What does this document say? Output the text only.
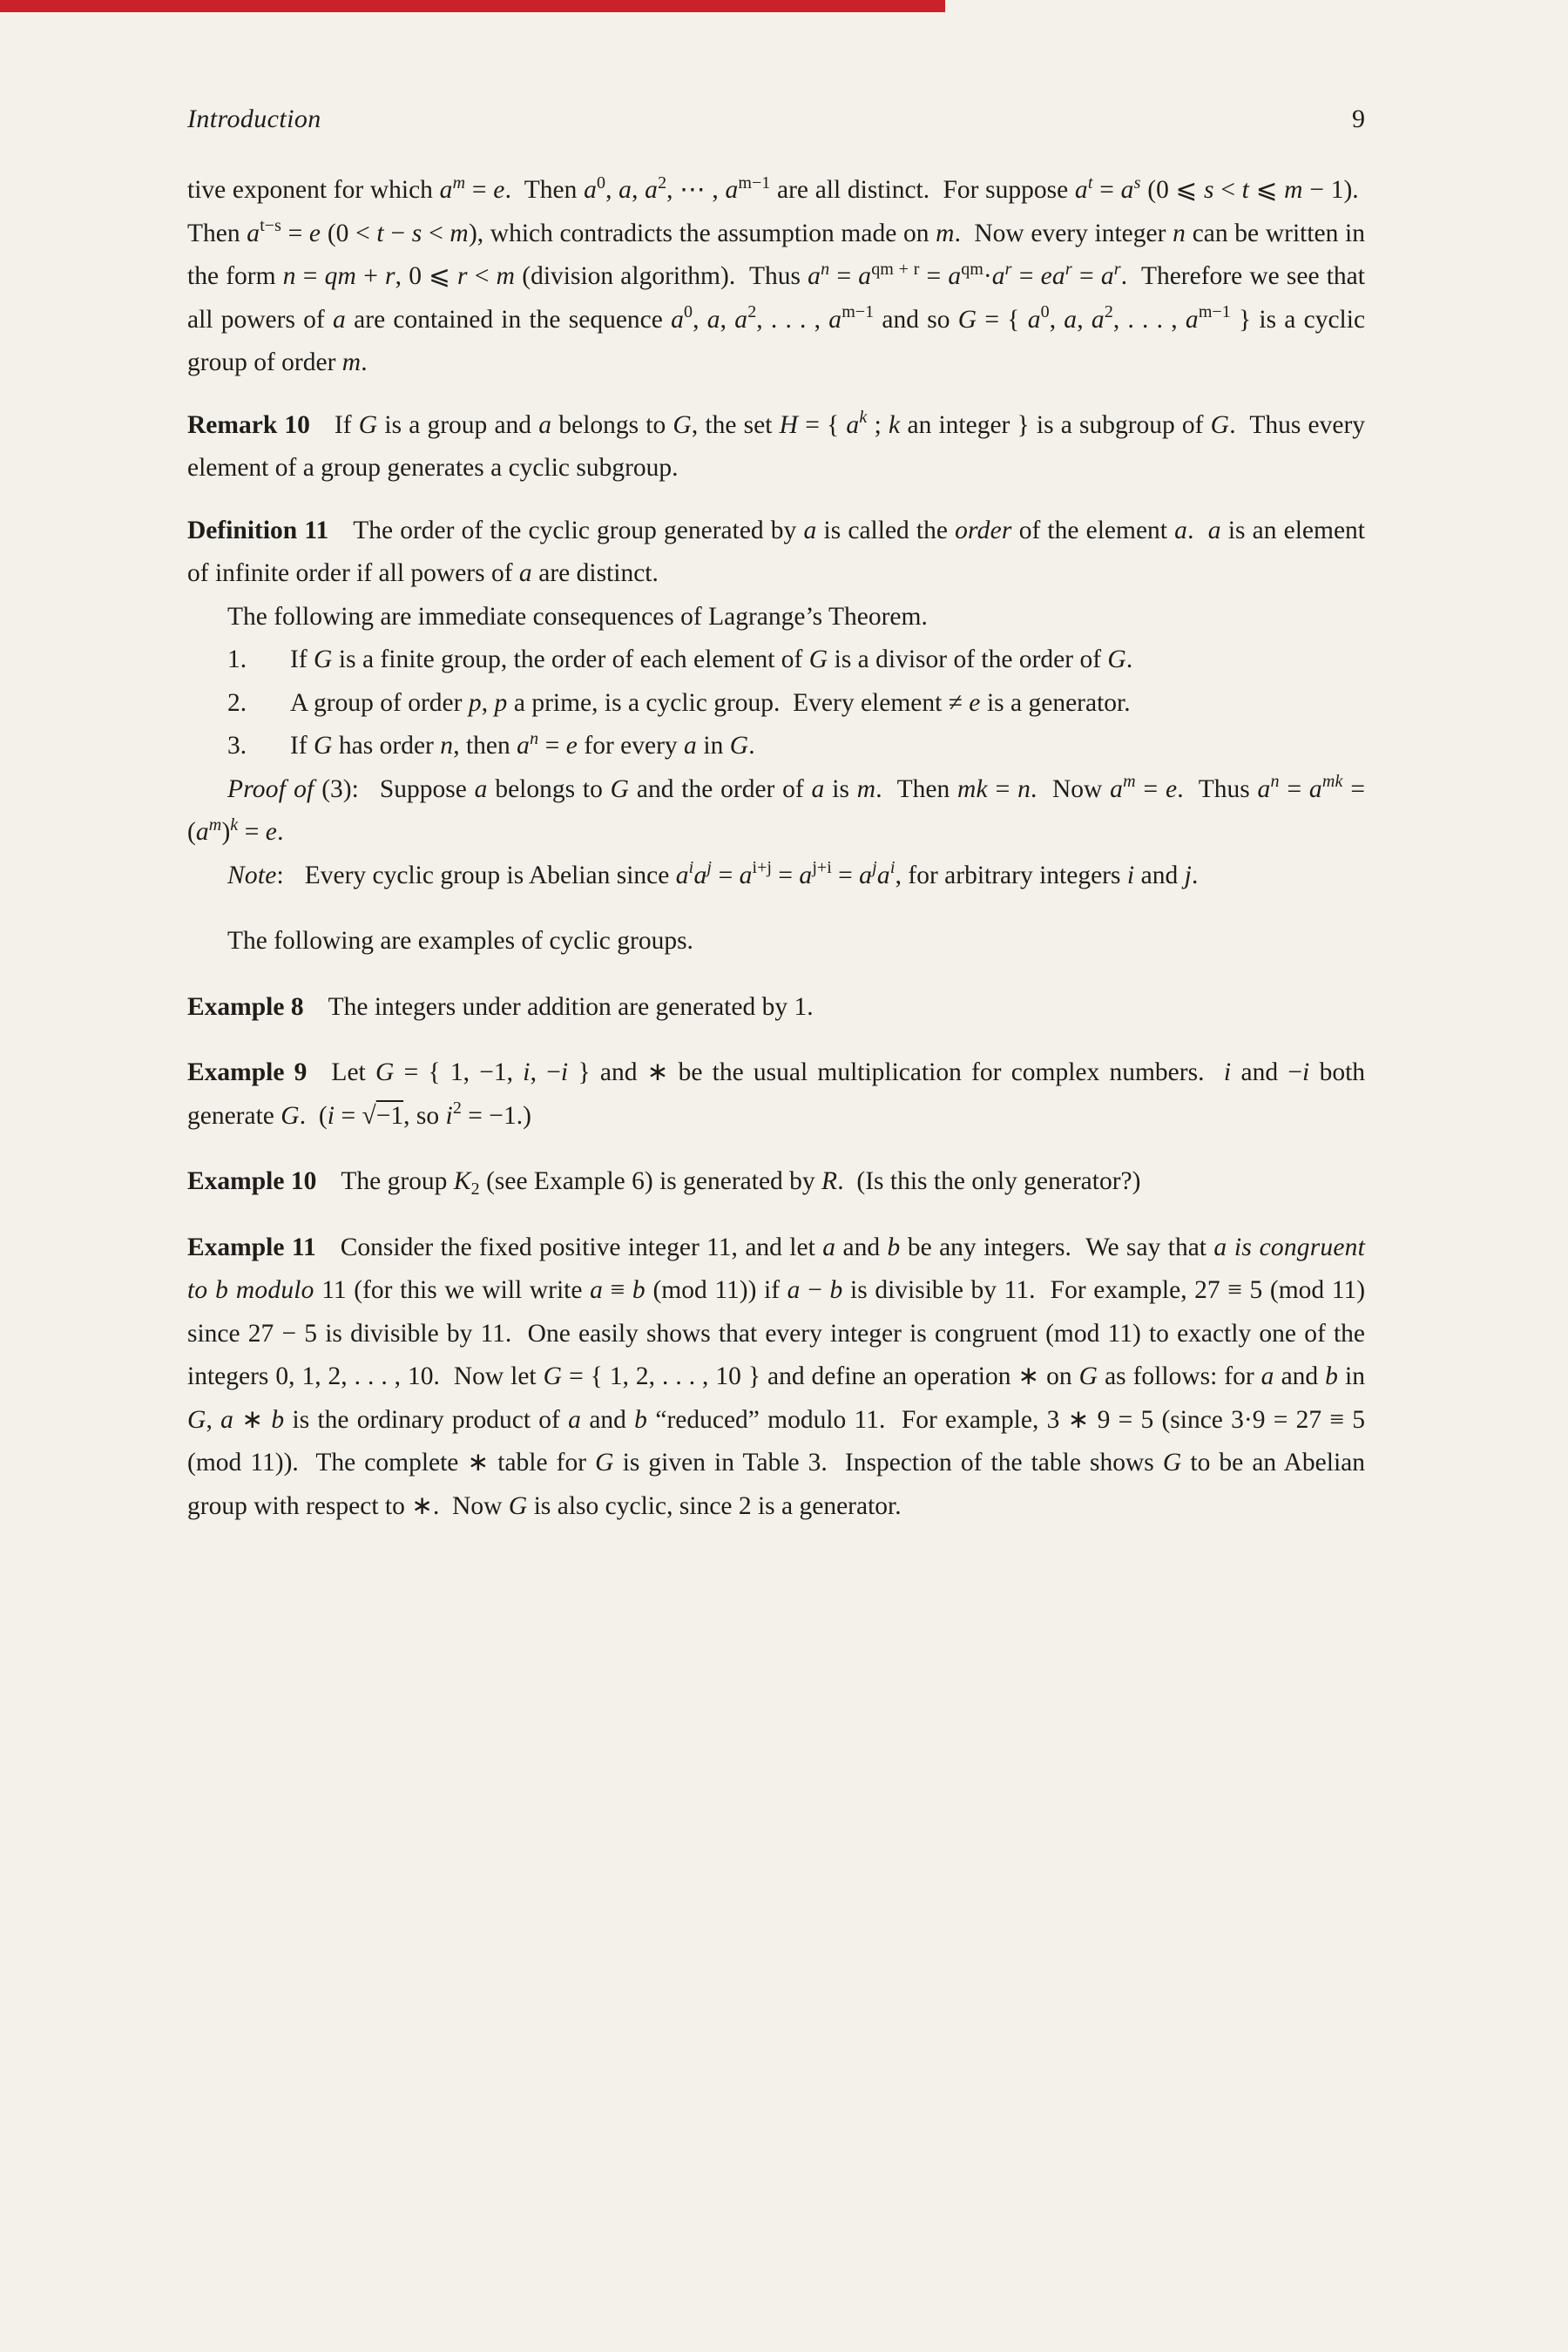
Introduction	9

tive exponent for which $a^m = e$.  Then $a^0$, a, $a^2$, ⋯ , $a^{m-1}$ are all distinct.  For suppose $a^t = a^s$ (0 ⩽ s < t ⩽ m − 1).  Then $a^{t-s} = e$ (0 < t − s < m), which contradicts the assumption made on m.  Now every integer n can be written in the form n = qm + r, 0 ⩽ r < m (division algorithm).  Thus $a^n = a^{qm + r} = a^{qm}\cdot a^r = ea^r = a^r$.  Therefore we see that all powers of a are contained in the sequence $a^0$, a, $a^2$, . . . , $a^{m-1}$ and so G = { $a^0$, a, $a^2$, . . . , $a^{m-1}$ } is a cyclic group of order m.

Remark 10 If G is a group and a belongs to G, the set H = { $a^k$ ; k an integer } is a subgroup of G.  Thus every element of a group generates a cyclic subgroup.

Definition 11 The order of the cyclic group generated by a is called the order of the element a.  a is an element of infinite order if all powers of a are distinct.

The following are immediate consequences of Lagrange’s Theorem.

1. If G is a finite group, the order of each element of G is a divisor of the order of G.

2. A group of order p, p a prime, is a cyclic group.  Every element ≠ e is a generator.

3. If G has order n, then $a^n = e$ for every a in G.

Proof of (3): Suppose a belongs to G and the order of a is m.  Then mk = n.  Now $a^m = e$.  Thus $a^n = a^{mk} = (a^m)^k = e$.

Note: Every cyclic group is Abelian since $a^ia^j = a^{i+j} = a^{j+i} = a^ja^i$, for arbitrary integers i and j.

The following are examples of cyclic groups.

Example 8 The integers under addition are generated by 1.

Example 9 Let G = { 1, −1, i, −i } and ∗ be the usual multiplication for complex numbers.  i and −i both generate G.  (i = √−1, so $i^2 = -1$.)

Example 10 The group $K_2$ (see Example 6) is generated by R.  (Is this the only generator?)

Example 11 Consider the fixed positive integer 11, and let a and b be any integers.  We say that a is congruent to b modulo 11 (for this we will write a ≡ b (mod 11)) if a − b is divisible by 11.  For example, 27 ≡ 5 (mod 11) since 27 − 5 is divisible by 11.  One easily shows that every integer is congruent (mod 11) to exactly one of the integers 0, 1, 2, . . . , 10.  Now let G = { 1, 2, . . . , 10 } and define an operation ∗ on G as follows: for a and b in G, a ∗ b is the ordinary product of a and b “reduced” modulo 11.  For example, 3 ∗ 9 = 5 (since 3·9 = 27 ≡ 5 (mod 11)).  The complete ∗ table for G is given in Table 3.  Inspection of the table shows G to be an Abelian group with respect to ∗.  Now G is also cyclic, since 2 is a generator.
